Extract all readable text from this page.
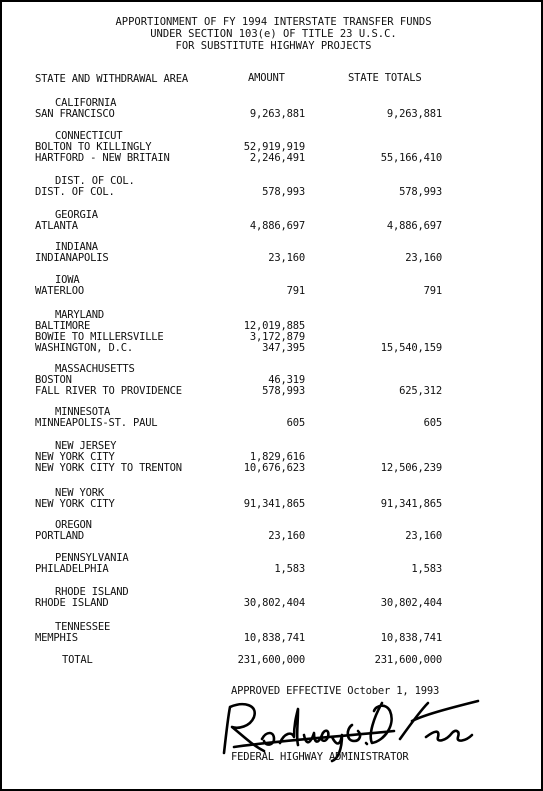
APPORTIONMENT OF FY 1994 INTERSTATE TRANSFER FUNDS
UNDER SECTION 103(e) OF TITLE 23 U.S.C.
FOR SUBSTITUTE HIGHWAY PROJECTS
STATE AND WITHDRAWAL AREA	AMOUNT	STATE TOTALS
CALIFORNIA
SAN FRANCISCO	9,263,881	9,263,881
CONNECTICUT
BOLTON TO KILLINGLY	52,919,919
HARTFORD - NEW BRITAIN	2,246,491	55,166,410
DIST. OF COL.
DIST. OF COL.	578,993	578,993
GEORGIA
ATLANTA	4,886,697	4,886,697
INDIANA
INDIANAPOLIS	23,160	23,160
IOWA
WATERLOO	791	791
MARYLAND
BALTIMORE	12,019,885
BOWIE TO MILLERSVILLE	3,172,879
WASHINGTON, D.C.	347,395	15,540,159
MASSACHUSETTS
BOSTON	46,319
FALL RIVER TO PROVIDENCE	578,993	625,312
MINNESOTA
MINNEAPOLIS-ST. PAUL	605	605
NEW JERSEY
NEW YORK CITY	1,829,616
NEW YORK CITY TO TRENTON	10,676,623	12,506,239
NEW YORK
NEW YORK CITY	91,341,865	91,341,865
OREGON
PORTLAND	23,160	23,160
PENNSYLVANIA
PHILADELPHIA	1,583	1,583
RHODE ISLAND
RHODE ISLAND	30,802,404	30,802,404
TENNESSEE
MEMPHIS	10,838,741	10,838,741
TOTAL	231,600,000	231,600,000
APPROVED EFFECTIVE October 1, 1993
FEDERAL HIGHWAY ADMINISTRATOR
